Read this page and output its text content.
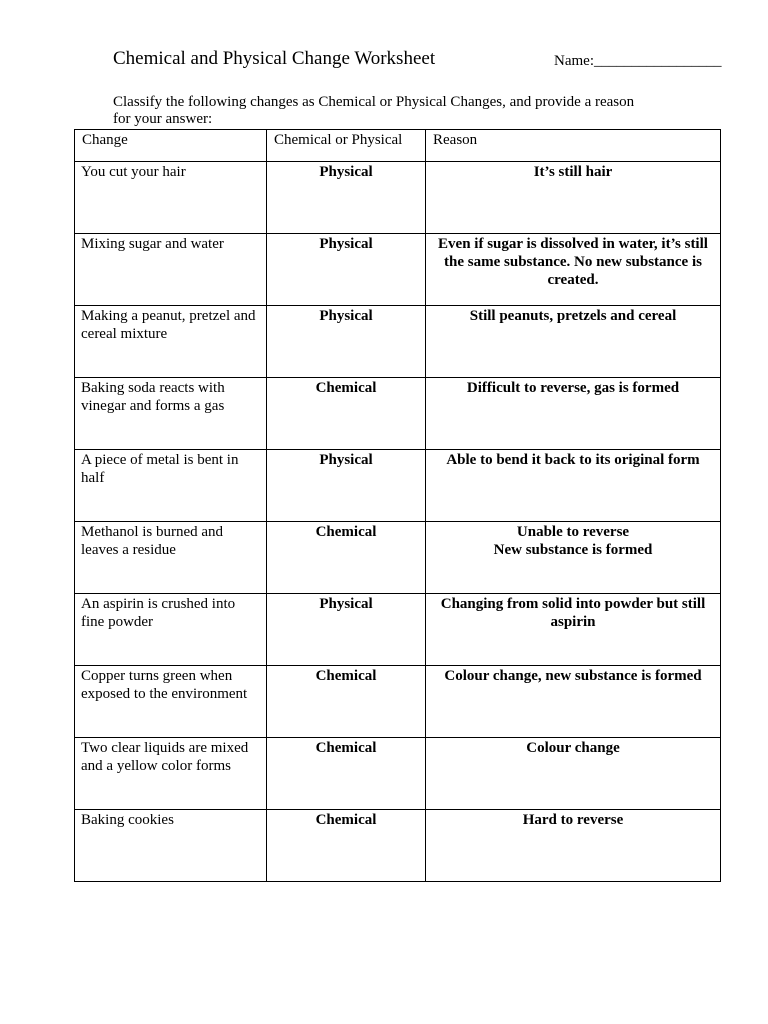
Chemical and Physical Change Worksheet	Name:_________________
Classify the following changes as Chemical or Physical Changes, and provide a reason for your answer:
Change	Chemical or Physical	Reason
You cut your hair	Physical	It’s still hair

Mixing sugar and water	Physical	Even if sugar is dissolved in water, it’s still the same substance. No new substance is created.

Making a peanut, pretzel and cereal mixture	Physical	Still peanuts, pretzels and cereal

Baking soda reacts with vinegar and forms a gas	Chemical	Difficult to reverse, gas is formed

A piece of metal is bent in half	Physical	Able to bend it back to its original form

Methanol is burned and leaves a residue	Chemical	Unable to reverse
New substance is formed

An aspirin is crushed into fine powder	Physical	Changing from solid into powder but still aspirin

Copper turns green when exposed to the environment	Chemical	Colour change, new substance is formed

Two clear liquids are mixed and a yellow color forms	Chemical	Colour change

Baking cookies	Chemical	Hard to reverse
